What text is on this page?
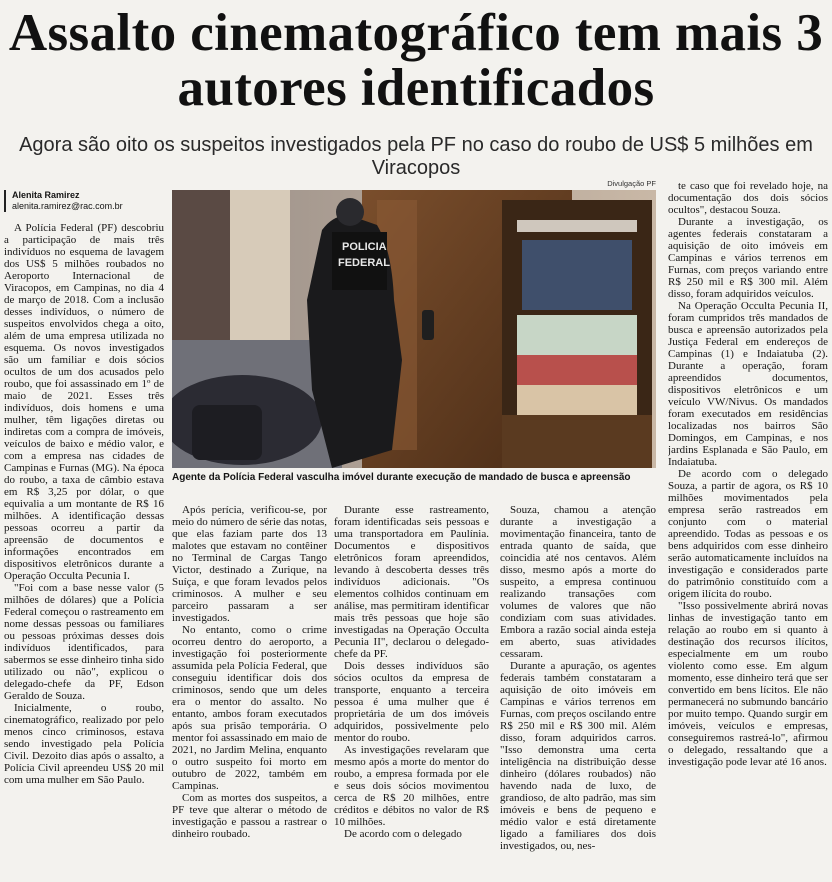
Assalto cinematográfico tem mais 3 autores identificados

Agora são oito os suspeitos investigados pela PF no caso do roubo de US$ 5 milhões em Viracopos

Alenita Ramirez
alenita.ramirez@rac.com.br
Divulgação PF
POLICIA
FEDERAL
Agente da Polícia Federal vasculha imóvel durante execução de mandado de busca e apreensão

A Polícia Federal (PF) descobriu a participação de mais três indivíduos no esquema de lavagem dos US$ 5 milhões roubados no Aeroporto Internacional de Viracopos, em Campinas, no dia 4 de março de 2018. Com a inclusão desses indivíduos, o número de suspeitos envolvidos chega a oito, além de uma empresa utilizada no esquema. Os novos investigados são um familiar e dois sócios ocultos de um dos acusados pelo roubo, que foi assassinado em 1º de maio de 2021. Esses três indivíduos, dois homens e uma mulher, têm ligações diretas ou indiretas com a compra de imóveis, veículos de baixo e médio valor, e com a empresa nas cidades de Campinas e Furnas (MG). Na época do roubo, a taxa de câmbio estava em R$ 3,25 por dólar, o que equivalia a um montante de R$ 16 milhões. A identificação dessas pessoas ocorreu a partir da apreensão de documentos e informações encontrados em dispositivos eletrônicos durante a Operação Occulta Pecunia I.

"Foi com a base nesse valor (5 milhões de dólares) que a Polícia Federal começou o rastreamento em nome dessas pessoas ou familiares ou pessoas próximas desses dois indivíduos identificados, para sabermos se esse dinheiro tinha sido utilizado ou não", explicou o delegado-chefe da PF, Edson Geraldo de Souza.

Inicialmente, o roubo, cinematográfico, realizado por pelo menos cinco criminosos, estava sendo investigado pela Polícia Civil. Dezoito dias após o assalto, a Polícia Civil apreendeu US$ 20 mil com uma mulher em São Paulo.

Após perícia, verificou-se, por meio do número de série das notas, que elas faziam parte dos 13 malotes que estavam no contêiner no Terminal de Cargas Tango Victor, destinado a Zurique, na Suíça, e que foram levados pelos criminosos. A mulher e seu parceiro passaram a ser investigados.

No entanto, como o crime ocorreu dentro do aeroporto, a investigação foi posteriormente assumida pela Polícia Federal, que conseguiu identificar dois dos criminosos, sendo que um deles era o mentor do assalto. No entanto, ambos foram executados após sua prisão temporária. O mentor foi assassinado em maio de 2021, no Jardim Melina, enquanto o outro suspeito foi morto em outubro de 2022, também em Campinas.

Com as mortes dos suspeitos, a PF teve que alterar o método de investigação e passou a rastrear o dinheiro roubado.

Durante esse rastreamento, foram identificadas seis pessoas e uma transportadora em Paulínia. Documentos e dispositivos eletrônicos foram apreendidos, levando à descoberta desses três indivíduos adicionais. "Os elementos colhidos continuam em análise, mas permitiram identificar mais três pessoas que hoje são investigadas na Operação Occulta Pecunia II", declarou o delegado-chefe da PF.

Dois desses indivíduos são sócios ocultos da empresa de transporte, enquanto a terceira pessoa é uma mulher que é proprietária de um dos imóveis adquiridos, possivelmente pelo mentor do roubo.

As investigações revelaram que mesmo após a morte do mentor do roubo, a empresa formada por ele e seus dois sócios movimentou cerca de R$ 20 milhões, entre créditos e débitos no valor de R$ 10 milhões.

De acordo com o delegado

Souza, chamou a atenção durante a investigação a movimentação financeira, tanto de entrada quanto de saída, que coincidia até nos centavos. Além disso, mesmo após a morte do suspeito, a empresa continuou realizando transações com volumes de valores que não condiziam com suas atividades. Embora a razão social ainda esteja em aberto, suas atividades cessaram.

Durante a apuração, os agentes federais também constataram a aquisição de oito imóveis em Campinas e vários terrenos em Furnas, com preços oscilando entre R$ 250 mil e R$ 300 mil. Além disso, foram adquiridos carros. "Isso demonstra uma certa inteligência na distribuição desse dinheiro (dólares roubados) não havendo nada de luxo, de grandioso, de alto padrão, mas sim imóveis e bens de pequeno e médio valor e está diretamente ligado a familiares dos dois investigados, ou, nes-

te caso que foi revelado hoje, na documentação dos dois sócios ocultos", destacou Souza.

Durante a investigação, os agentes federais constataram a aquisição de oito imóveis em Campinas e vários terrenos em Furnas, com preços variando entre R$ 250 mil e R$ 300 mil. Além disso, foram adquiridos veículos.

Na Operação Occulta Pecunia II, foram cumpridos três mandados de busca e apreensão autorizados pela Justiça Federal em endereços de Campinas (1) e Indaiatuba (2). Durante a operação, foram apreendidos documentos, dispositivos eletrônicos e um veículo VW/Nivus. Os mandados foram executados em residências localizadas nos bairros São Domingos, em Campinas, e nos jardins Esplanada e São Paulo, em Indaiatuba.

De acordo com o delegado Souza, a partir de agora, os R$ 10 milhões movimentados pela empresa serão rastreados em conjunto com o material apreendido. Todas as pessoas e os bens adquiridos com esse dinheiro serão automaticamente incluídos na investigação e considerados parte do patrimônio constituído com a origem ilícita do roubo.

"Isso possivelmente abrirá novas linhas de investigação tanto em relação ao roubo em si quanto à destinação dos recursos ilícitos, especialmente em um roubo violento como esse. Em algum momento, esse dinheiro terá que ser convertido em bens lícitos. Ele não permanecerá no submundo bancário por muito tempo. Quando surgir em imóveis, veículos e empresas, conseguiremos rastreá-lo", afirmou o delegado, ressaltando que a investigação pode levar até 16 anos.
